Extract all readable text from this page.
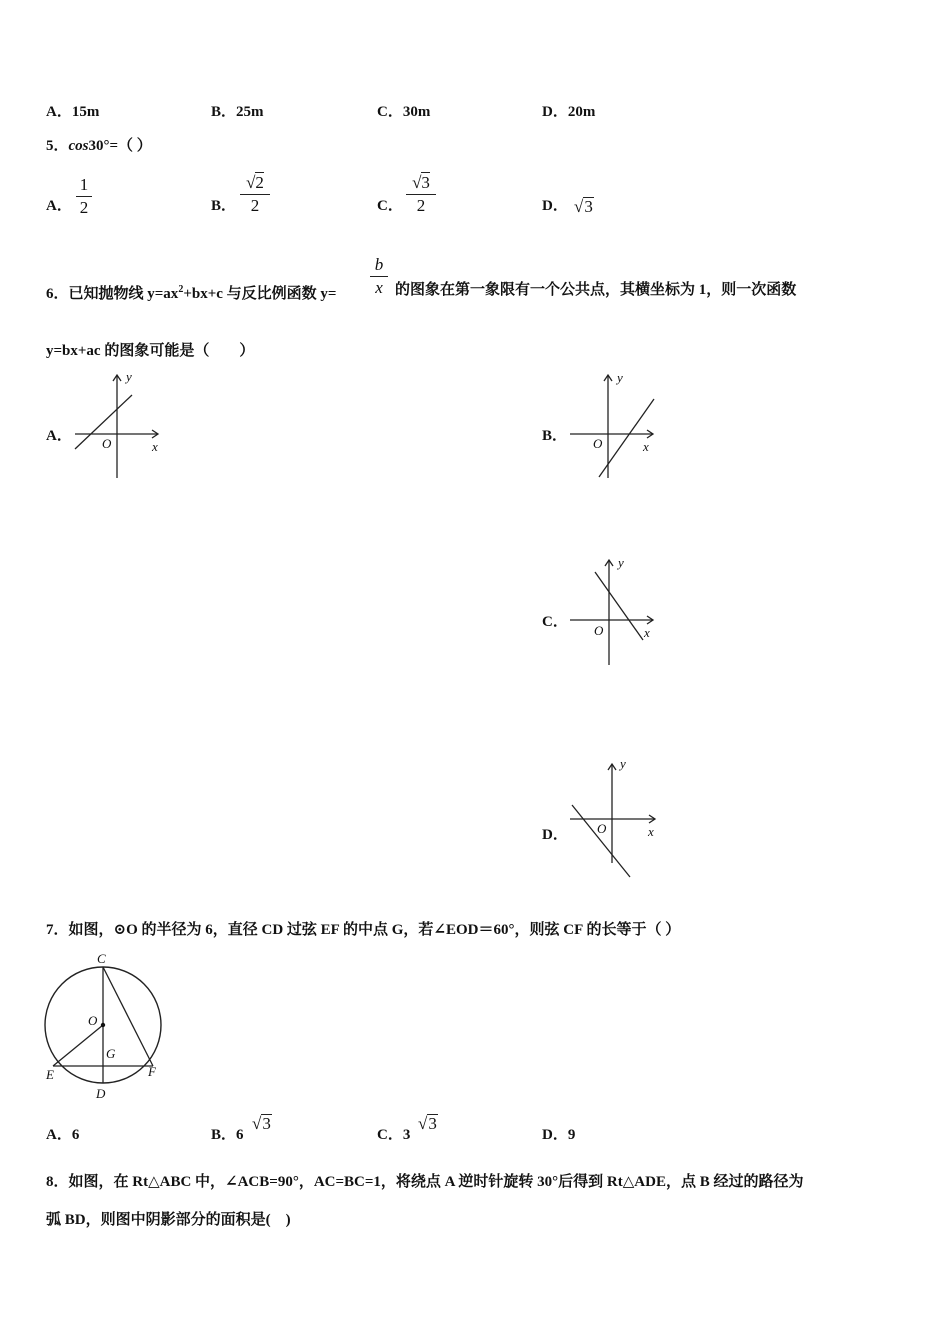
A．15m	B．25m	C．30m	D．20m
5．cos30°=（ ）
A．
1
2	B．
√2
2	C．
√3
2	D． √3
6．已知抛物线 $y=ax^2+bx+c$ 与反比例函数 y=
b
x 的图象在第一象限有一个公共点，其横坐标为 1，则一次函数
y=bx+ac 的图象可能是（　　）
A．
y
x
O	B．
y
x
O
C．
y
x
O
D．
y
x
O
7．如图，⊙O 的半径为 6，直径 CD 过弦 EF 的中点 G，若∠EOD＝60°，则弦 CF 的长等于（ ）
C
O
G
E	F
D
A．6	B．6
√3
C．3
√3
D．9
8．如图，在 Rt△ABC 中，∠ACB=90°，AC=BC=1，将绕点 A 逆时针旋转 30°后得到 Rt△ADE，点 B 经过的路径为
弧 BD，则图中阴影部分的面积是(　)
